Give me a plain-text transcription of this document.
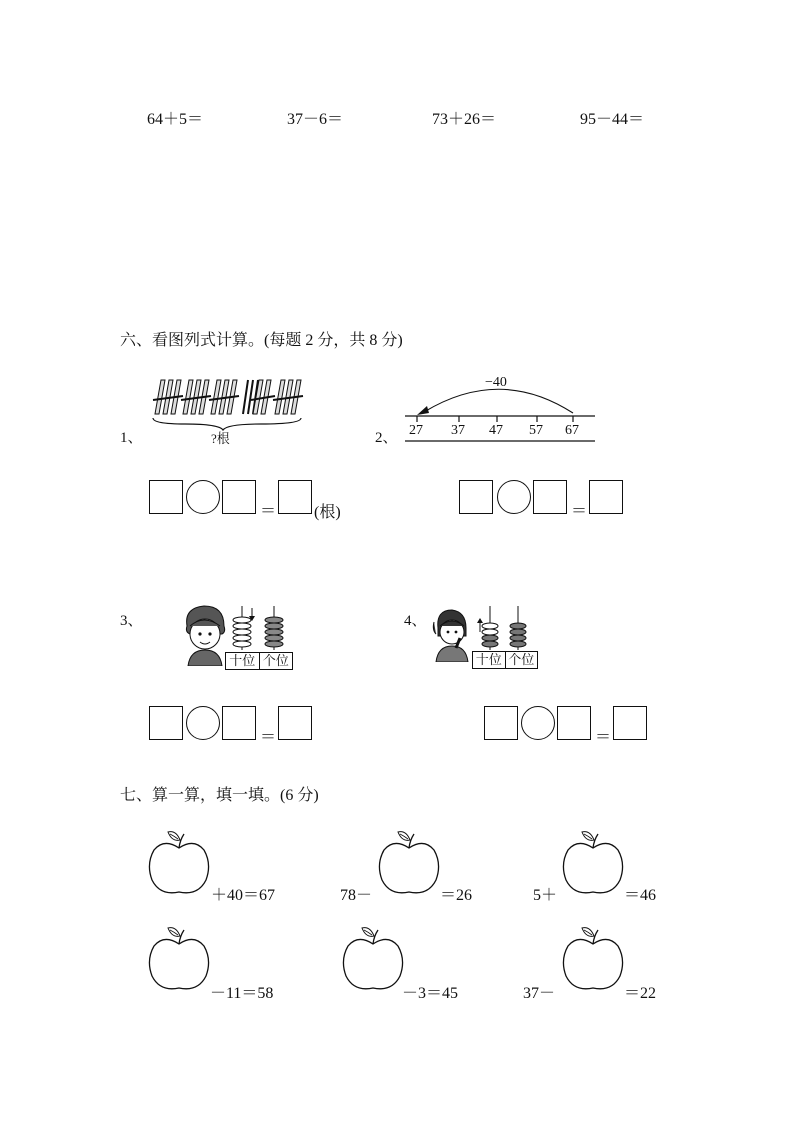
64＋5＝	37－6＝	73＋26＝	95－44＝
六、看图列式计算。(每题 2 分，共 8 分)
1、	?根
＝ (根)
2、
−40
27 37 47 57 67
＝
3、
十位 个位
＝
4、
十位 个位
＝
七、算一算，填一填。(6 分)
＋40＝67	78－	＝26	5＋	＝46
－11＝58	－3＝45	37－	＝22
